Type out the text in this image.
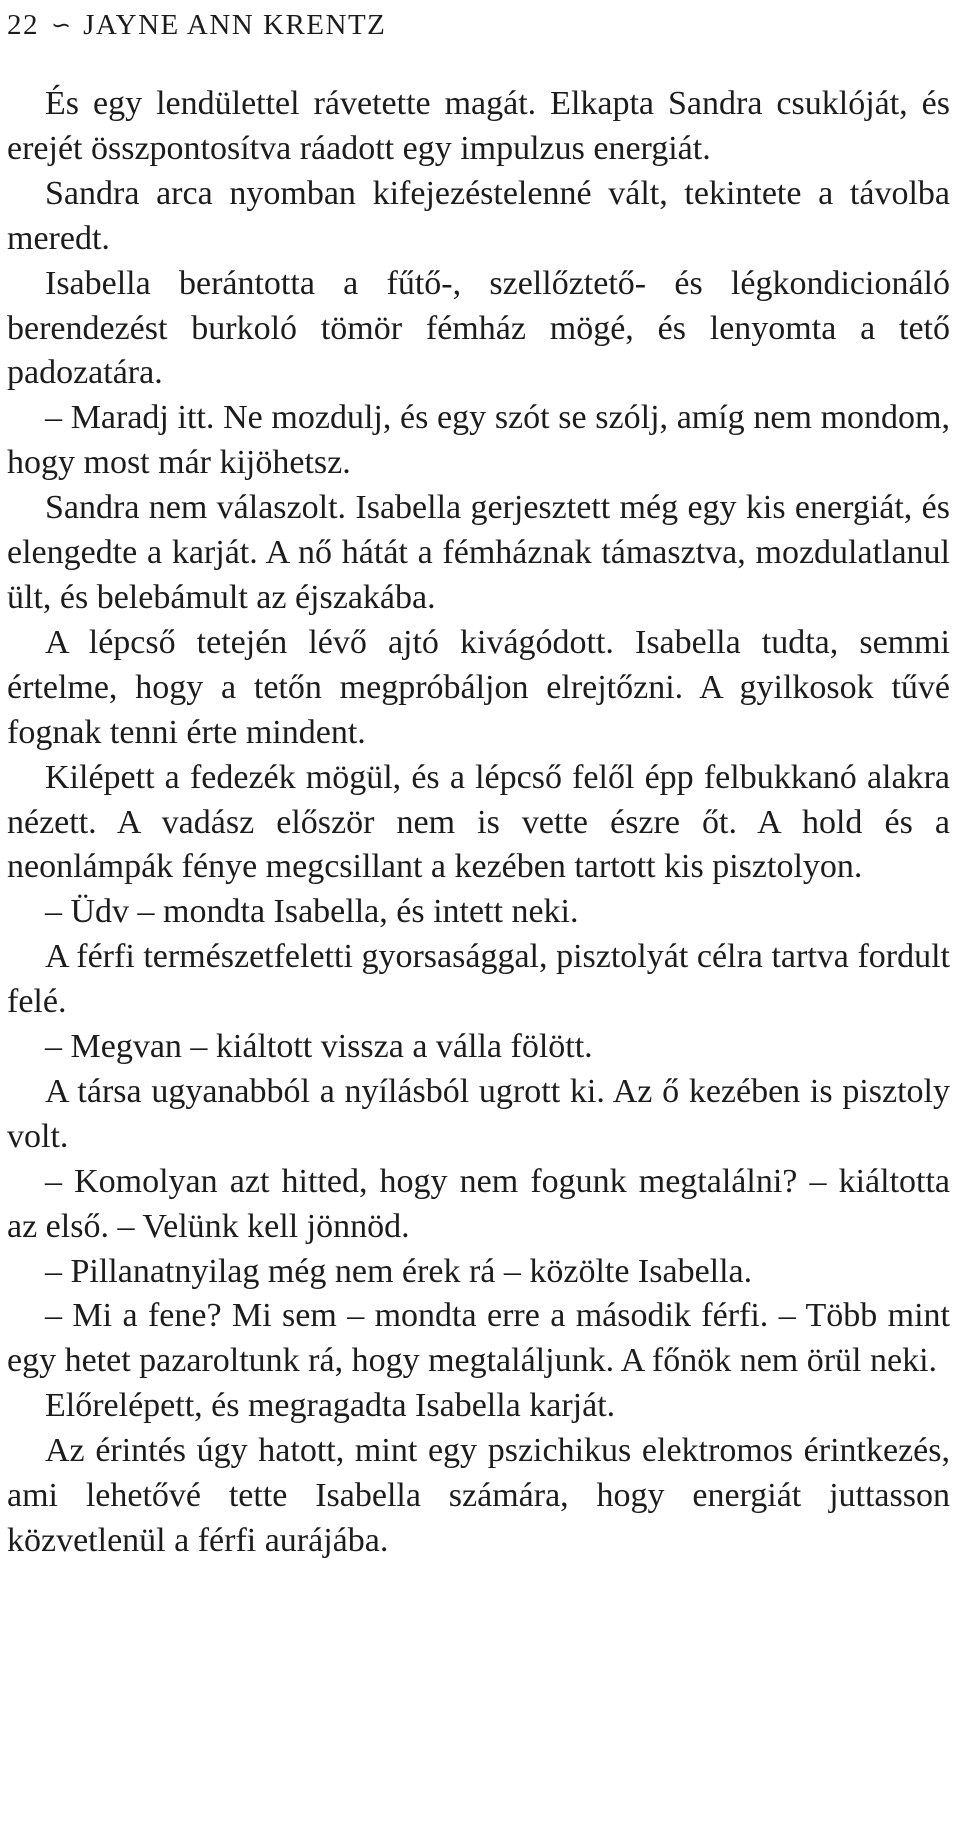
22 ∽ JAYNE ANN KRENTZ

És egy lendülettel rávetette magát. Elkapta Sandra csuklóját, és erejét összpontosítva ráadott egy impulzus energiát.

Sandra arca nyomban kifejezéstelenné vált, tekintete a távolba meredt.

Isabella berántotta a fűtő-, szellőztető- és légkondicionáló berendezést burkoló tömör fémház mögé, és lenyomta a tető padozatára.

– Maradj itt. Ne mozdulj, és egy szót se szólj, amíg nem mondom, hogy most már kijöhetsz.

Sandra nem válaszolt. Isabella gerjesztett még egy kis energiát, és elengedte a karját. A nő hátát a fémháznak támasztva, mozdulatlanul ült, és belebámult az éjszakába.

A lépcső tetején lévő ajtó kivágódott. Isabella tudta, semmi értelme, hogy a tetőn megpróbáljon elrejtőzni. A gyilkosok tűvé fognak tenni érte mindent.

Kilépett a fedezék mögül, és a lépcső felől épp felbukkanó alakra nézett. A vadász először nem is vette észre őt. A hold és a neonlámpák fénye megcsillant a kezében tartott kis pisztolyon.

– Üdv – mondta Isabella, és intett neki.

A férfi természetfeletti gyorsasággal, pisztolyát célra tartva fordult felé.

– Megvan – kiáltott vissza a válla fölött.

A társa ugyanabból a nyílásból ugrott ki. Az ő kezében is pisztoly volt.

– Komolyan azt hitted, hogy nem fogunk megtalálni? – kiáltotta az első. – Velünk kell jönnöd.

– Pillanatnyilag még nem érek rá – közölte Isabella.

– Mi a fene? Mi sem – mondta erre a második férfi. – Több mint egy hetet pazaroltunk rá, hogy megtaláljunk. A főnök nem örül neki.

Előrelépett, és megragadta Isabella karját.

Az érintés úgy hatott, mint egy pszichikus elektromos érintkezés, ami lehetővé tette Isabella számára, hogy energiát juttasson közvetlenül a férfi aurájába.
